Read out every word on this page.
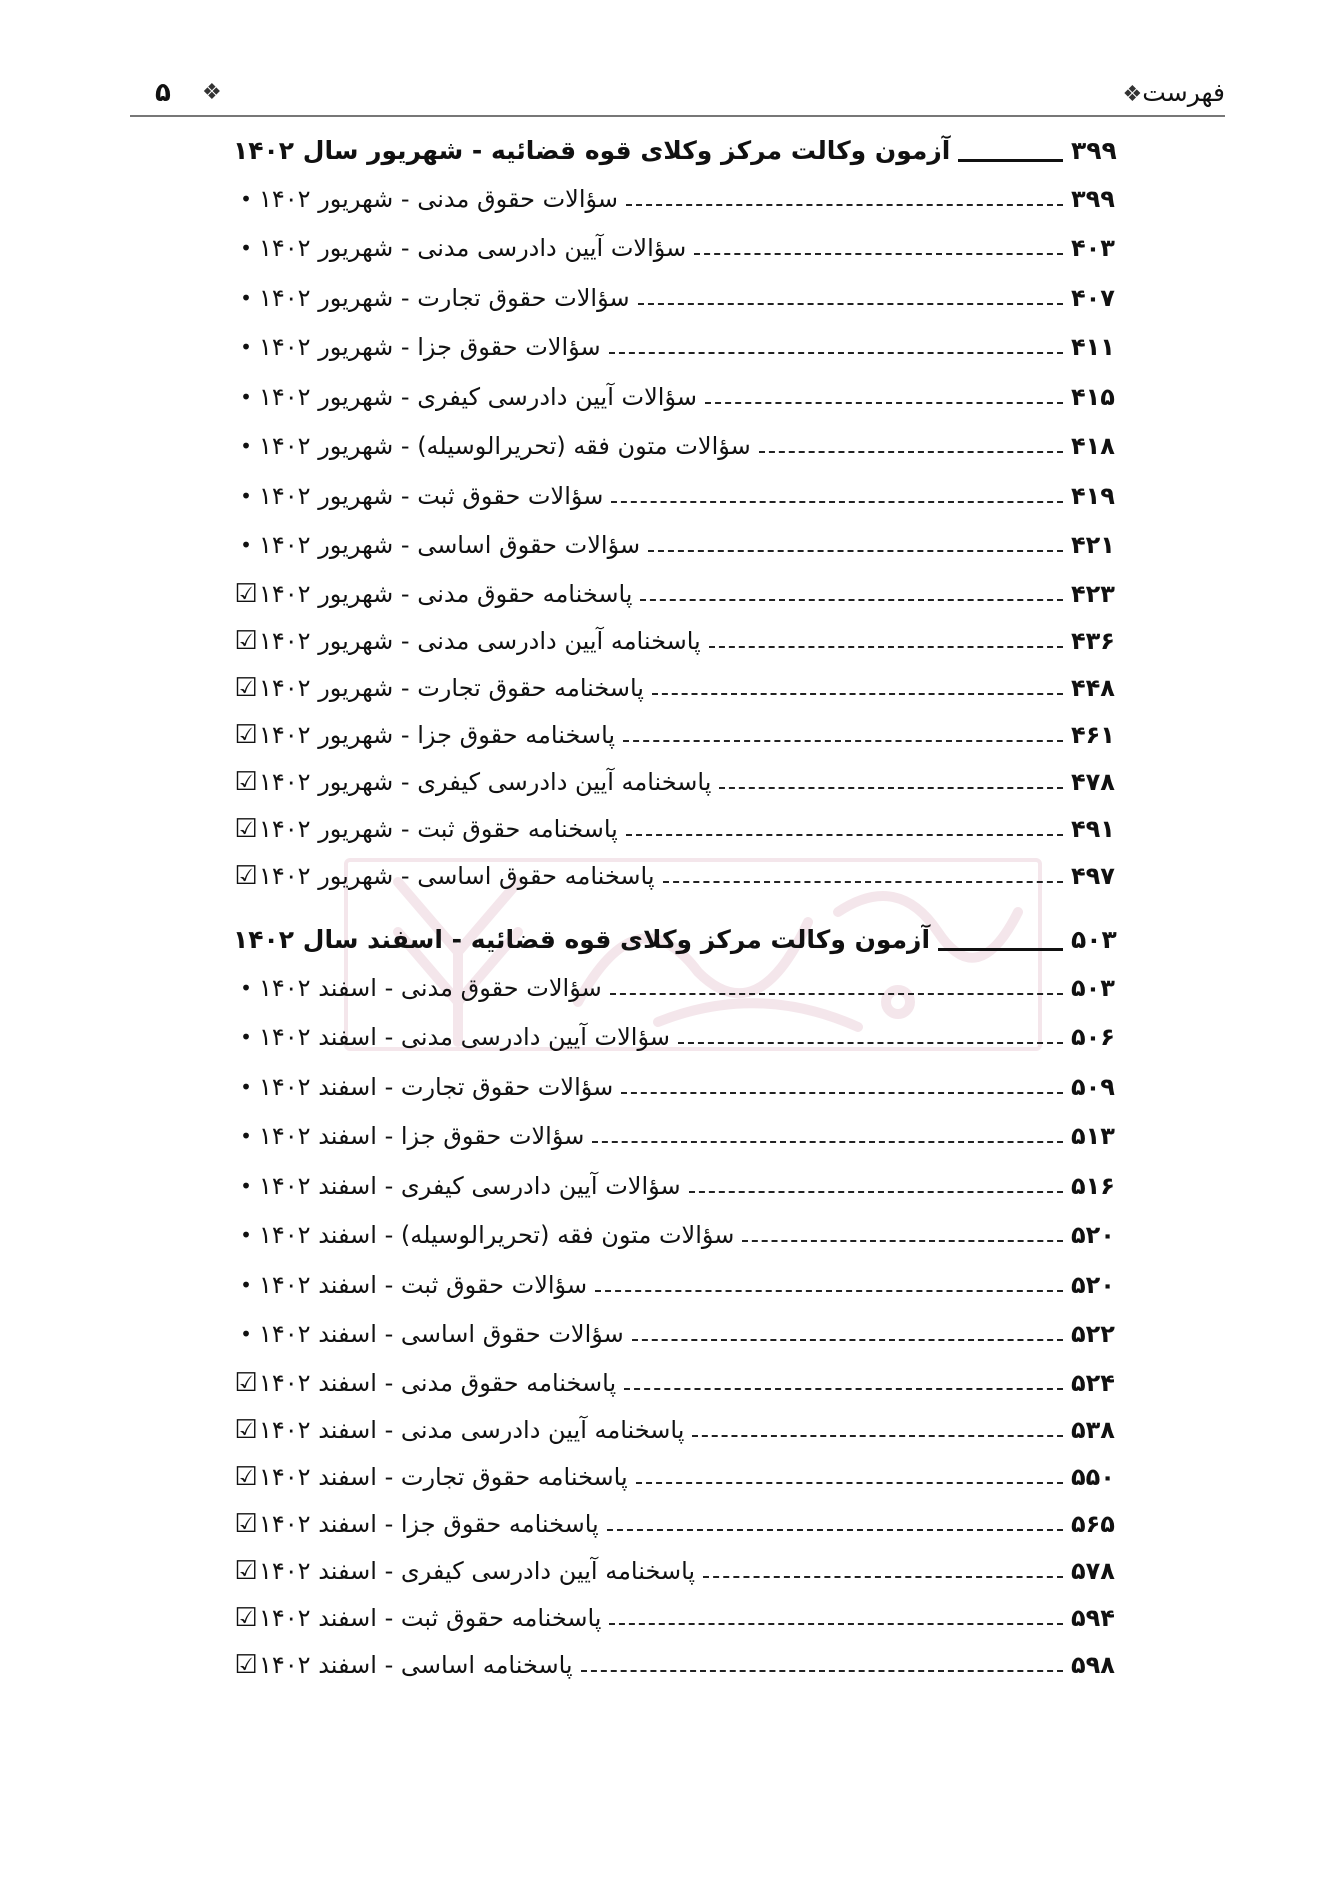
فهرست❖
❖
۵
آزمون وکالت مرکز وکلای قوه قضائیه - شهریور سال ۱۴۰۲	۳۹۹
• سؤالات حقوق مدنی - شهریور ۱۴۰۲	۳۹۹
• سؤالات آیین دادرسی مدنی - شهریور ۱۴۰۲	۴۰۳
• سؤالات حقوق تجارت - شهریور ۱۴۰۲	۴۰۷
• سؤالات حقوق جزا - شهریور ۱۴۰۲	۴۱۱
• سؤالات آیین دادرسی کیفری - شهریور ۱۴۰۲	۴۱۵
• سؤالات متون فقه (تحریرالوسیله) - شهریور ۱۴۰۲	۴۱۸
• سؤالات حقوق ثبت - شهریور ۱۴۰۲	۴۱۹
• سؤالات حقوق اساسی - شهریور ۱۴۰۲	۴۲۱
☑ پاسخنامه حقوق مدنی - شهریور ۱۴۰۲	۴۲۳
☑ پاسخنامه آیین دادرسی مدنی - شهریور ۱۴۰۲	۴۳۶
☑ پاسخنامه حقوق تجارت - شهریور ۱۴۰۲	۴۴۸
☑ پاسخنامه حقوق جزا - شهریور ۱۴۰۲	۴۶۱
☑ پاسخنامه آیین دادرسی کیفری - شهریور ۱۴۰۲	۴۷۸
☑ پاسخنامه حقوق ثبت - شهریور ۱۴۰۲	۴۹۱
☑ پاسخنامه حقوق اساسی - شهریور ۱۴۰۲	۴۹۷
آزمون وکالت مرکز وکلای قوه قضائیه - اسفند سال ۱۴۰۲	۵۰۳
• سؤالات حقوق مدنی - اسفند ۱۴۰۲	۵۰۳
• سؤالات آیین دادرسی مدنی - اسفند ۱۴۰۲	۵۰۶
• سؤالات حقوق تجارت - اسفند ۱۴۰۲	۵۰۹
• سؤالات حقوق جزا - اسفند ۱۴۰۲	۵۱۳
• سؤالات آیین دادرسی کیفری - اسفند ۱۴۰۲	۵۱۶
• سؤالات متون فقه (تحریرالوسیله) - اسفند ۱۴۰۲	۵۲۰
• سؤالات حقوق ثبت - اسفند ۱۴۰۲	۵۲۰
• سؤالات حقوق اساسی - اسفند ۱۴۰۲	۵۲۲
☑ پاسخنامه حقوق مدنی - اسفند ۱۴۰۲	۵۲۴
☑ پاسخنامه آیین دادرسی مدنی - اسفند ۱۴۰۲	۵۳۸
☑ پاسخنامه حقوق تجارت - اسفند ۱۴۰۲	۵۵۰
☑ پاسخنامه حقوق جزا - اسفند ۱۴۰۲	۵۶۵
☑ پاسخنامه آیین دادرسی کیفری - اسفند ۱۴۰۲	۵۷۸
☑ پاسخنامه حقوق ثبت - اسفند ۱۴۰۲	۵۹۴
☑ پاسخنامه اساسی - اسفند ۱۴۰۲	۵۹۸
